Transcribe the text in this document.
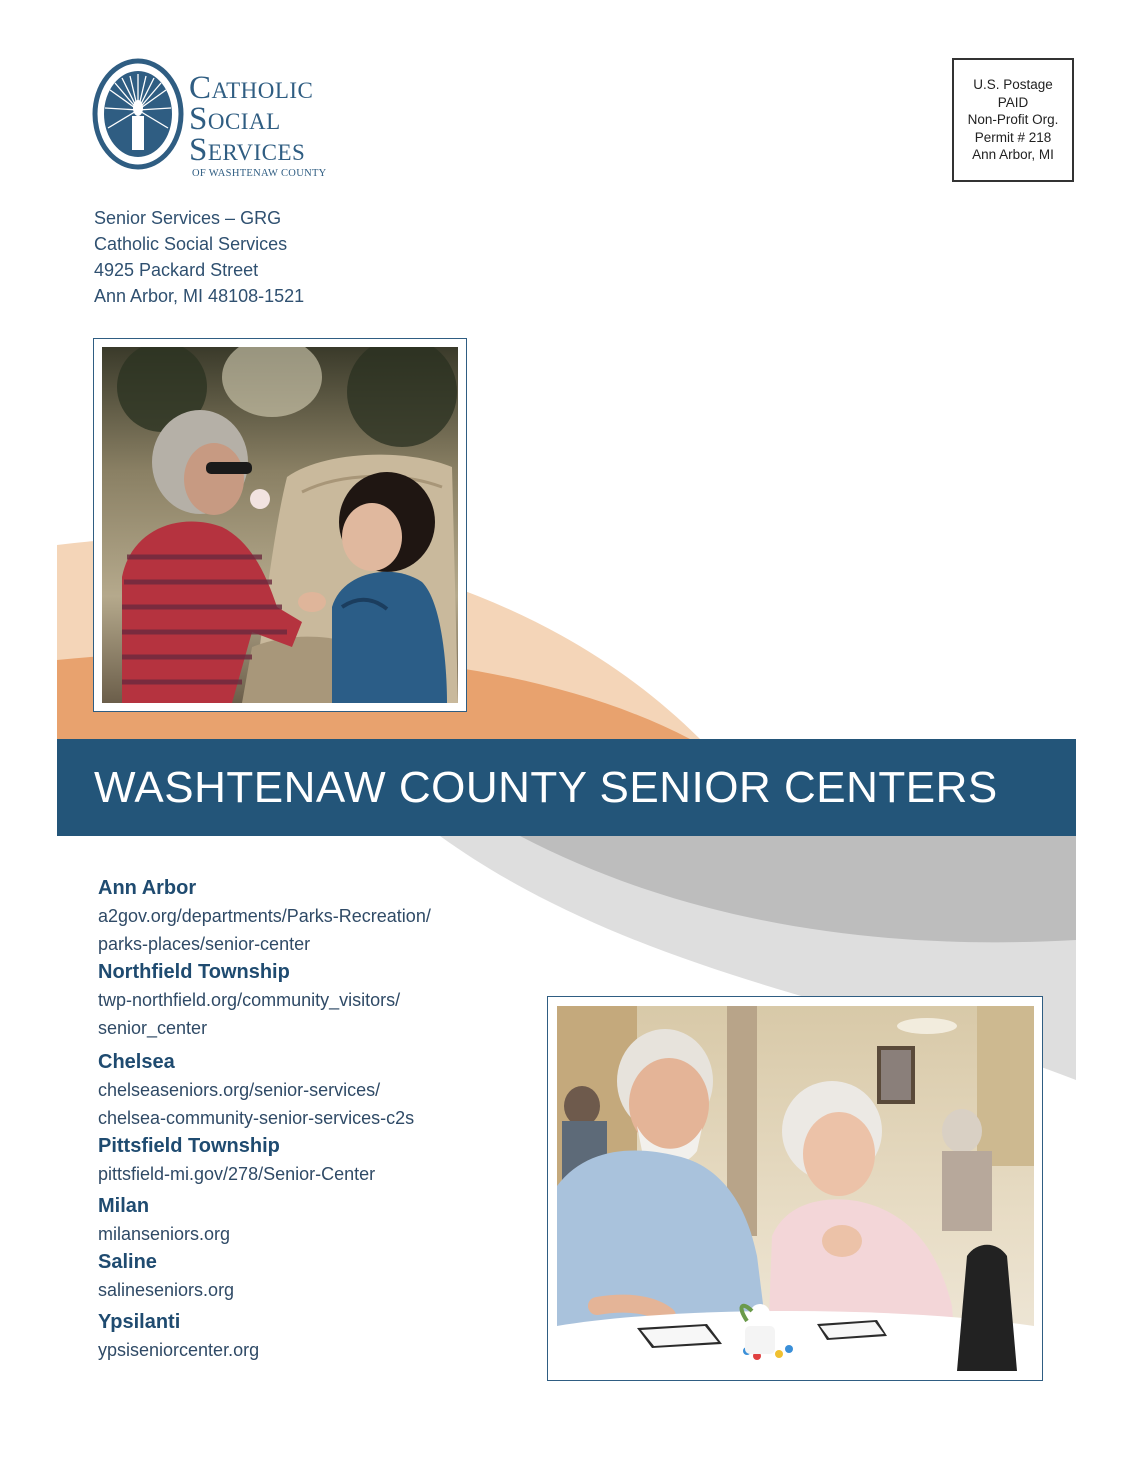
Catholic
Social
Services
OF WASHTENAW COUNTY
Senior Services – GRG
Catholic Social Services
4925 Packard Street
Ann Arbor, MI 48108-1521
U.S. Postage
PAID
Non-Profit Org.
Permit # 218
Ann Arbor, MI
WASHTENAW COUNTY SENIOR CENTERS
Ann Arbor
a2gov.org/departments/Parks-Recreation/
parks-places/senior-center
Northfield Township
twp-northfield.org/community_visitors/
senior_center
Chelsea
chelseaseniors.org/senior-services/
chelsea-community-senior-services-c2s
Pittsfield Township
pittsfield-mi.gov/278/Senior-Center
Milan
milanseniors.org
Saline
salineseniors.org
Ypsilanti
ypsiseniorcenter.org
